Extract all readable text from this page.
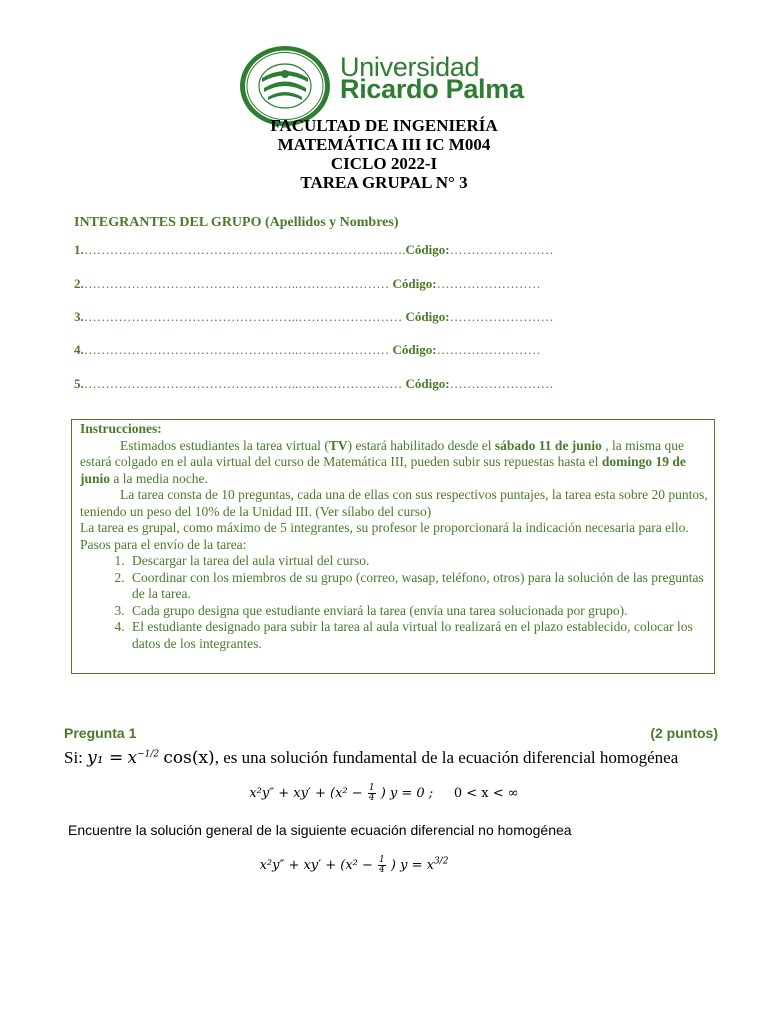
Universidad
Ricardo Palma
FACULTAD DE INGENIERÍA
MATEMÁTICA III IC M004
CICLO 2022-I
TAREA GRUPAL N° 3
INTEGRANTES DEL GRUPO (Apellidos y Nombres)
1.……………………………………………………………..….Código:……………………
2.…………………………………………..………………… Código:……………………
3.…………………………………………..…………………… Código:……………………
4.…………………………………………..………………… Código:……………………
5.…………………………………………..…………………… Código:……………………
Instrucciones:
Estimados estudiantes la tarea virtual (TV) estará habilitado desde el sábado 11 de junio , la misma que estará colgado en el aula virtual del curso de Matemática III, pueden subir sus repuestas hasta el domingo 19 de junio a la media noche.
La tarea consta de 10 preguntas, cada una de ellas con sus respectivos puntajes, la tarea esta sobre 20 puntos, teniendo un peso del 10% de la Unidad III. (Ver sílabo del curso)
La tarea es grupal, como máximo de 5 integrantes, su profesor le proporcionará la indicación necesaria para ello.
Pasos para el envío de la tarea:
1. Descargar la tarea del aula virtual del curso.
2. Coordinar con los miembros de su grupo (correo, wasap, teléfono, otros) para la solución de las preguntas de la tarea.
3. Cada grupo designa que estudiante enviará la tarea (envía una tarea solucionada por grupo).
4. El estudiante designado para subir la tarea al aula virtual lo realizará en el plazo establecido, colocar los datos de los integrantes.
Pregunta 1	(2 puntos)
Si: $y_1 = x^{-1/2}$ cos(x), es una solución fundamental de la ecuación diferencial homogénea
$x^2y'' + xy' + (x^2 - \frac{1}{4}$ ) y = 0 ; 0 < x < ∞
Encuentre la solución general de la siguiente ecuación diferencial no homogénea
$x^2y'' + xy' + (x^2 - \frac{1}{4}$ ) $y = x^{3/2}$
